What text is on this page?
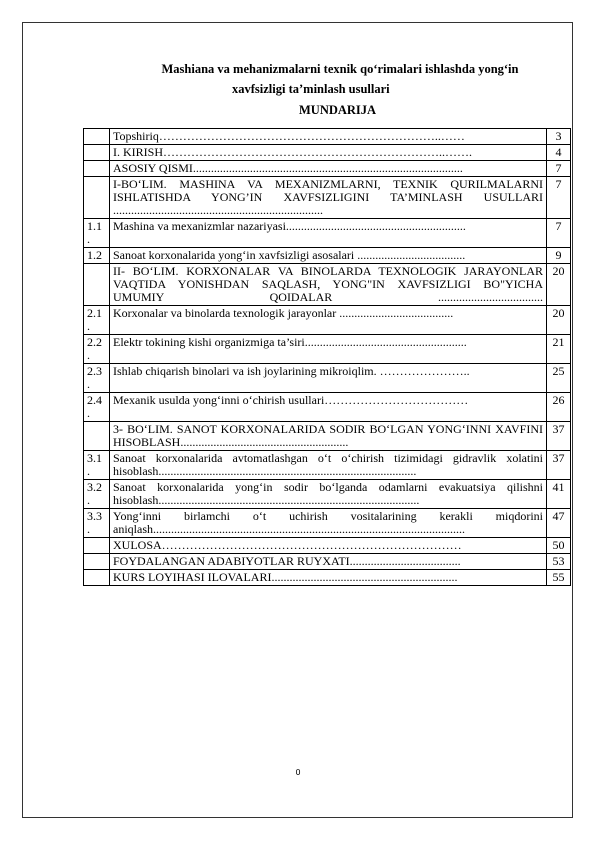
Mashiana va mehanizmalarni texnik qo‘rimalari ishlashda yong‘in
xavfsizligi ta’minlash usullari
MUNDARIJA
	Topshiriq……………………………………………………………..……	3
	I. KIRISH……………………………………………………………..…….	4
	ASOSIY QISMI..........................................................................................	7
	I-BO‘LIM. MASHINA VA MEXANIZMLARNI, TEXNIK QURILMALARNI ISHLATISHDA YONG’IN XAVFSIZLIGINI TA’MINLASH USULLARI ......................................................................	7
1.1 .	Mashina va mexanizmlar nazariyasi............................................................	7
1.2	Sanoat korxonalarida yong‘in xavfsizligi asosalari ....................................	9
	II- BO‘LIM. KORXONALAR VA BINOLARDA TEXNOLOGIK JARAYONLAR VAQTIDA YONISHDAN SAQLASH, YONG"IN XAVFSIZLIGI BO"YICHA UMUMIY QOIDALAR ...................................	20
2.1 .	Korxonalar va binolarda texnologik jarayonlar ......................................	20
2.2 .	Elektr tokining kishi organizmiga ta’siri......................................................	21
2.3 .	Ishlab chiqarish binolari va ish joylarining mikroiqlim. …………………..	25
2.4 .	Mexanik usulda yong‘inni o‘chirish usullari………………………………	26
	3- BO‘LIM. SANOT KORXONALARIDA SODIR BO‘LGAN YONG‘INNI XAVFINI HISOBLASH........................................................	37
3.1 .	Sanoat korxonalarida avtomatlashgan o‘t o‘chirish tizimidagi gidravlik xolatini hisoblash......................................................................................	37
3.2 .	Sanoat korxonalarida yong‘in sodir bo‘lganda odamlarni evakuatsiya qilishni hisoblash.......................................................................................	41
3.3 .	Yong‘inni birlamchi o‘t uchirish vositalarining kerakli miqdorini aniqlash........................................................................................................	47
	XULOSA…………………………………………………………………	50
	FOYDALANGAN ADABIYOTLAR RUYXATI.....................................	53
	KURS LOYIHASI ILOVALARI..............................................................	55
0
